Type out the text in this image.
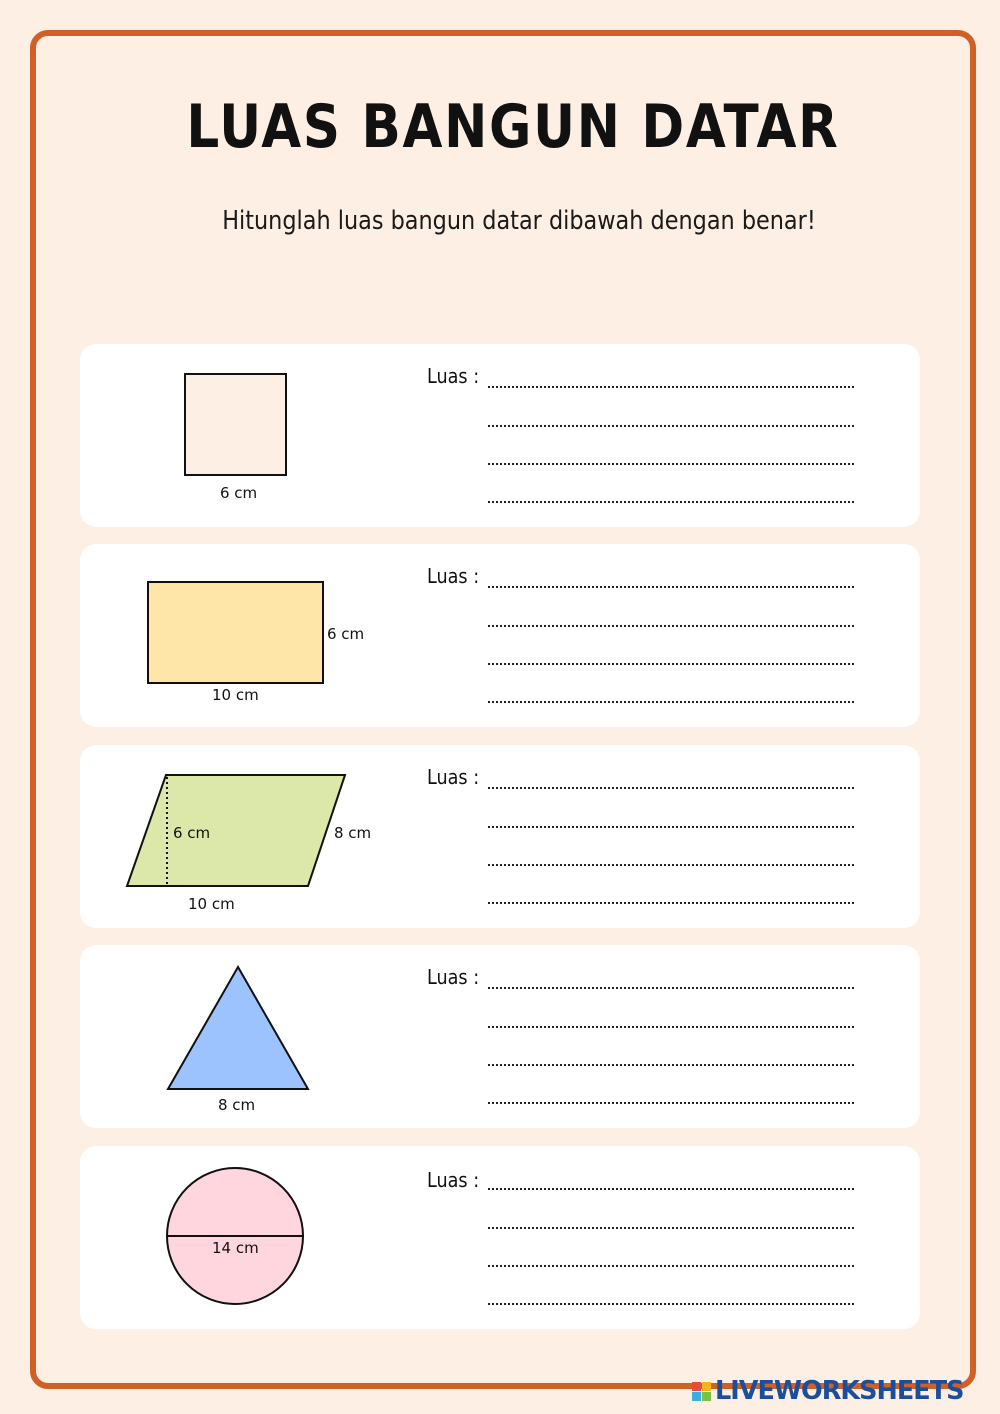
LUAS BANGUN DATAR
Hitunglah luas bangun datar dibawah dengan benar!
6 cm
Luas :
10 cm
6 cm
Luas :
10 cm
6 cm	8 cm
Luas :
8 cm
Luas :
14 cm
Luas :
LIVEWORKSHEETS
